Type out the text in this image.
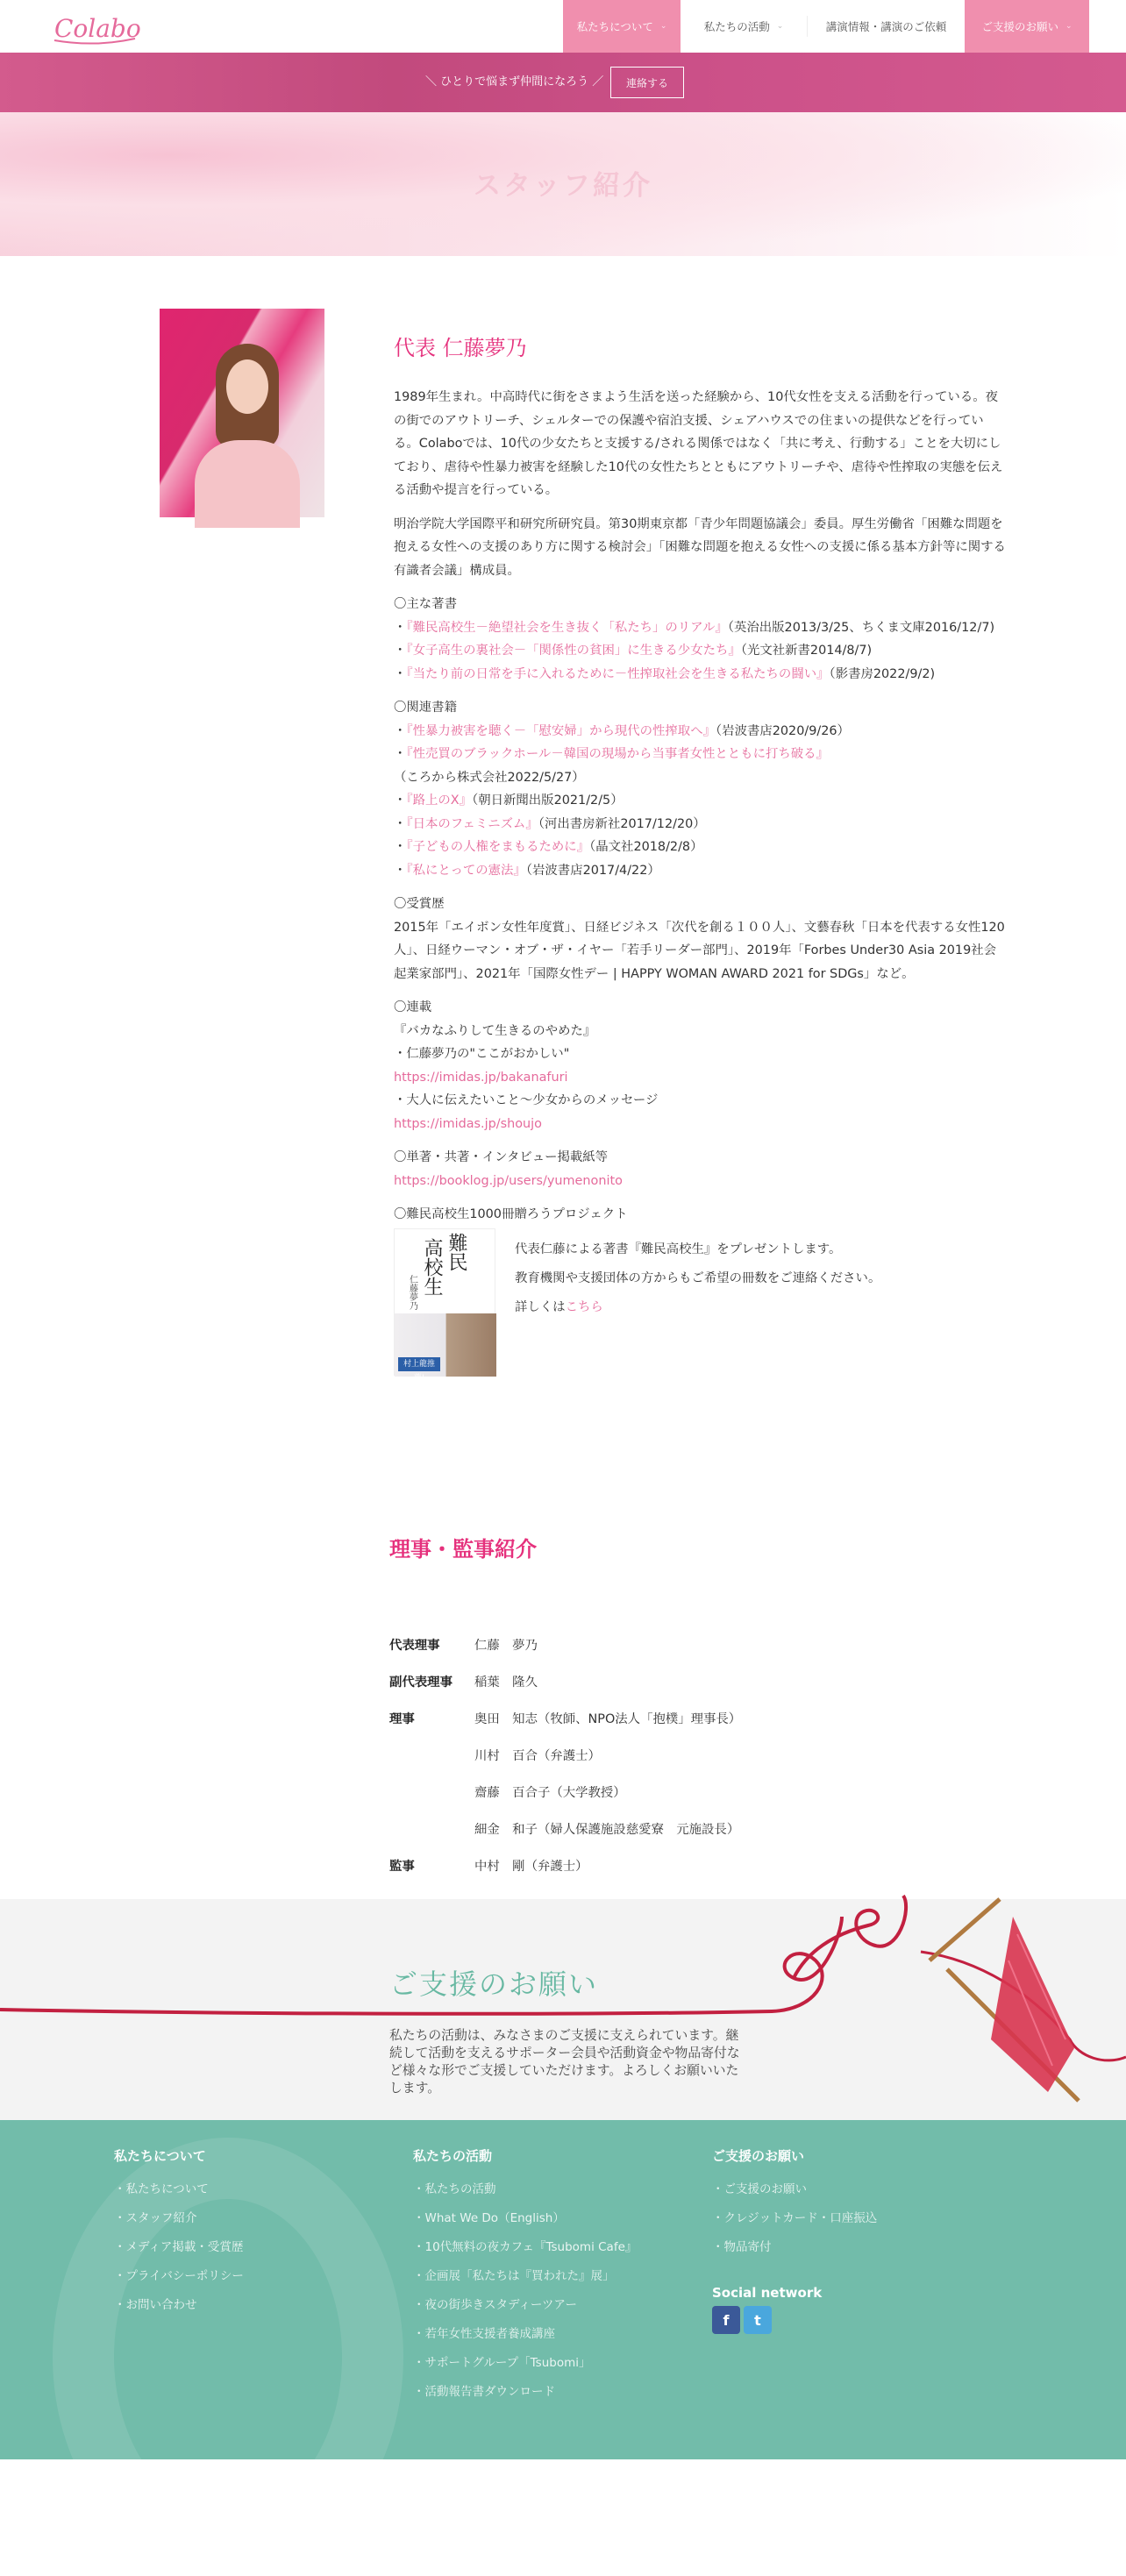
Colabo	私たちについて ⌄	私たちの活動 ⌄	講演情報・講演のご依頼	ご支援のお願い ⌄
＼ ひとりで悩まず仲間になろう ／	連絡する
スタッフ紹介
代表 仁藤夢乃

1989年生まれ。中高時代に街をさまよう生活を送った経験から、10代女性を支える活動を行っている。夜の街でのアウトリーチ、シェルターでの保護や宿泊支援、シェアハウスでの住まいの提供などを行っている。Colaboでは、10代の少女たちと支援する/される関係ではなく「共に考え、行動する」ことを大切にしており、虐待や性暴力被害を経験した10代の女性たちとともにアウトリーチや、虐待や性搾取の実態を伝える活動や提言を行っている。

明治学院大学国際平和研究所研究員。第30期東京都「青少年問題協議会」委員。厚生労働省「困難な問題を抱える女性への支援のあり方に関する検討会」「困難な問題を抱える女性への支援に係る基本方針等に関する有識者会議」構成員。

〇主な著書
・『難民高校生－絶望社会を生き抜く「私たち」のリアル』（英治出版2013/3/25、ちくま文庫2016/12/7)
・『女子高生の裏社会－「関係性の貧困」に生きる少女たち』（光文社新書2014/8/7)
・『当たり前の日常を手に入れるために－性搾取社会を生きる私たちの闘い』（影書房2022/9/2)
〇関連書籍
・『性暴力被害を聴く－「慰安婦」から現代の性搾取へ』（岩波書店2020/9/26）
・『性売買のブラックホール－韓国の現場から当事者女性とともに打ち破る』（ころから株式会社2022/5/27）
・『路上のX』（朝日新聞出版2021/2/5）
・『日本のフェミニズム』（河出書房新社2017/12/20）
・『子どもの人権をまもるために』（晶文社2018/2/8）
・『私にとっての憲法』（岩波書店2017/4/22）
〇受賞歴
2015年「エイボン女性年度賞」、日経ビジネス「次代を創る１００人」、文藝春秋「日本を代表する女性120人」、日経ウーマン・オブ・ザ・イヤー「若手リーダー部門」、2019年「Forbes Under30 Asia 2019社会起業家部門」、2021年「国際女性デー | HAPPY WOMAN AWARD 2021 for SDGs」など。
〇連載
『バカなふりして生きるのやめた』
・仁藤夢乃の"ここがおかしい"
https://imidas.jp/bakanafuri
・大人に伝えたいこと〜少女からのメッセージ
https://imidas.jp/shoujo
〇単著・共著・インタビュー掲載紙等
https://booklog.jp/users/yumenonito
〇難民高校生1000冊贈ろうプロジェクト
難民
高校生
仁藤夢乃
村上龍推薦!
代表仁藤による著書『難民高校生』をプレゼントします。
教育機関や支援団体の方からもご希望の冊数をご連絡ください。
詳しくはこちら
理事・監事紹介
代表理事	仁藤　夢乃
副代表理事	稲葉　隆久
理事	奥田　知志（牧師、NPO法人「抱樸」理事長）
川村　百合（弁護士）
齋藤　百合子（大学教授）
細金　和子（婦人保護施設慈愛寮　元施設長）
監事	中村　剛（弁護士）
ご支援のお願い
私たちの活動は、みなさまのご支援に支えられています。継続して活動を支えるサポーター会員や活動資金や物品寄付など様々な形でご支援していただけます。よろしくお願いいたします。
私たちについて
・私たちについて
・スタッフ紹介
・メディア掲載・受賞歴
・プライバシーポリシー
・お問い合わせ
私たちの活動
・私たちの活動
・What We Do（English）
・10代無料の夜カフェ『Tsubomi Cafe』
・企画展「私たちは『買われた』展」
・夜の街歩きスタディーツアー
・若年女性支援者養成講座
・サポートグループ「Tsubomi」
・活動報告書ダウンロード
ご支援のお願い
・ご支援のお願い
・クレジットカード・口座振込
・物品寄付
Social network
f	t
